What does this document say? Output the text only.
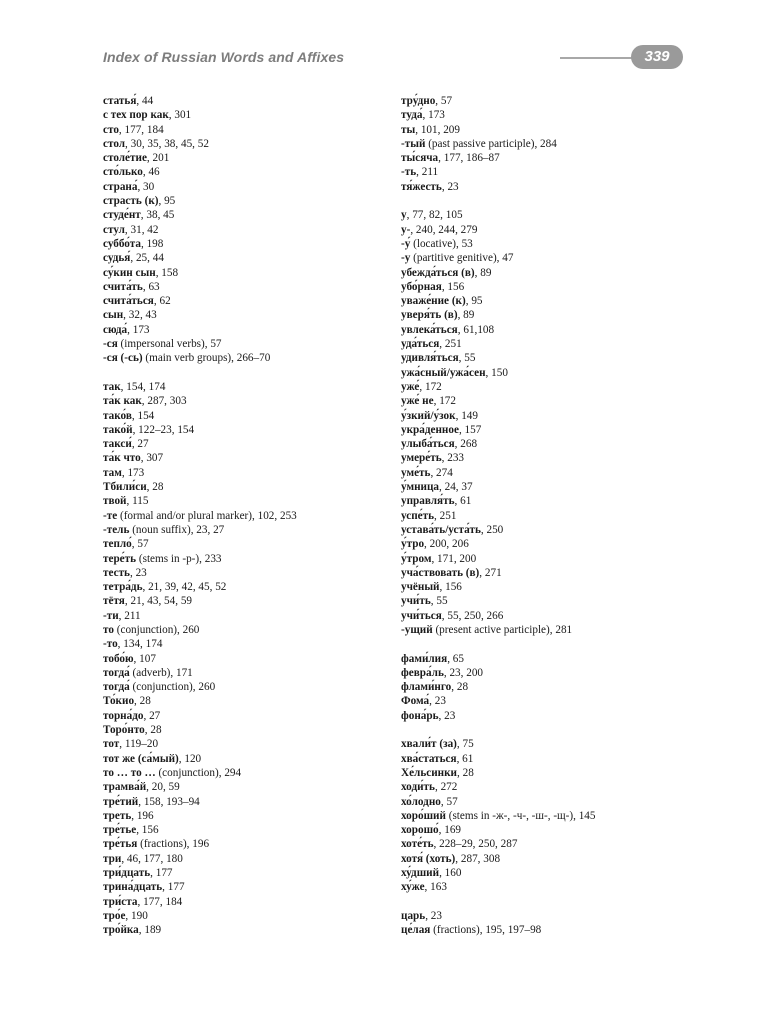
Index of Russian Words and Affixes	339
статья́, 44
с тех пор как, 301
сто, 177, 184
стол, 30, 35, 38, 45, 52
столе́тие, 201
сто́лько, 46
страна́, 30
страсть (к), 95
студе́нт, 38, 45
стул, 31, 42
суббо́та, 198
судья́, 25, 44
су́кин сын, 158
счита́ть, 63
счита́ться, 62
сын, 32, 43
сюда́, 173
-ся (impersonal verbs), 57
-ся (-сь) (main verb groups), 266–70
так, 154, 174
та́к как, 287, 303
тако́в, 154
тако́й, 122–23, 154
такси́, 27
та́к что, 307
там, 173
Тбили́си, 28
твой, 115
-те (formal and/or plural marker), 102, 253
-тель (noun suffix), 23, 27
тепло́, 57
тере́ть (stems in -р-), 233
тесть, 23
тетра́дь, 21, 39, 42, 45, 52
тётя, 21, 43, 54, 59
-ти, 211
то (conjunction), 260
-то, 134, 174
тобо́ю, 107
тогда́ (adverb), 171
тогда́ (conjunction), 260
То́кио, 28
торна́до, 27
Торо́нто, 28
тот, 119–20
тот же (са́мый), 120
то … то … (conjunction), 294
трамва́й, 20, 59
тре́тий, 158, 193–94
треть, 196
тре́тье, 156
тре́тья (fractions), 196
три, 46, 177, 180
три́дцать, 177
трина́дцать, 177
три́ста, 177, 184
тро́е, 190
тро́йка, 189
тру́дно, 57
туда́, 173
ты, 101, 209
-тый (past passive participle), 284
ты́сяча, 177, 186–87
-ть, 211
тя́жесть, 23
у, 77, 82, 105
у-, 240, 244, 279
-у́ (locative), 53
-у (partitive genitive), 47
убежда́ться (в), 89
убо́рная, 156
уваже́ние (к), 95
уверя́ть (в), 89
увлека́ться, 61,108
уда́ться, 251
удивля́ться, 55
ужа́сный/ужа́сен, 150
уже́, 172
уже́ не, 172
у́зкий/у́зок, 149
укра́денное, 157
улыба́ться, 268
умере́ть, 233
уме́ть, 274
у́мница, 24, 37
управля́ть, 61
успе́ть, 251
устава́ть/уста́ть, 250
у́тро, 200, 206
у́тром, 171, 200
уча́ствовать (в), 271
учёный, 156
учи́ть, 55
учи́ться, 55, 250, 266
-ущий (present active participle), 281
фами́лия, 65
февра́ль, 23, 200
флами́нго, 28
Фома́, 23
фона́рь, 23
хвали́т (за), 75
хва́статься, 61
Хе́льсинки, 28
ходи́ть, 272
хо́лодно, 57
хоро́ший (stems in -ж-, -ч-, -ш-, -щ-), 145
хорошо́, 169
хоте́ть, 228–29, 250, 287
хотя́ (хоть), 287, 308
ху́дший, 160
ху́же, 163
царь, 23
це́лая (fractions), 195, 197–98
